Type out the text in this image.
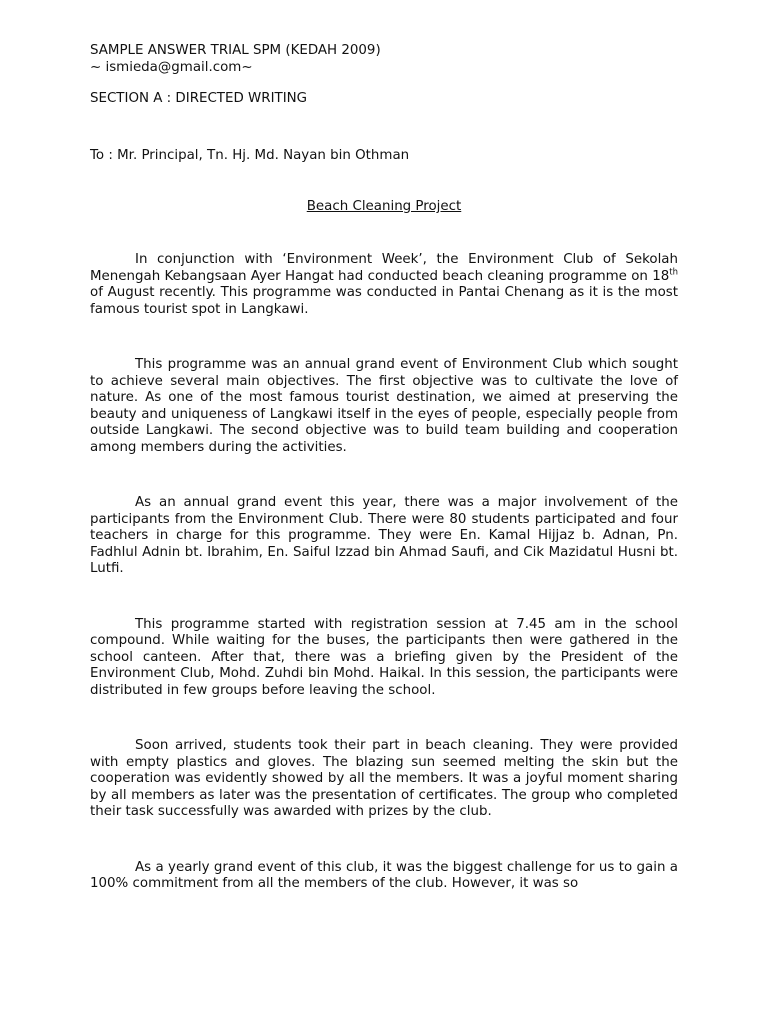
SAMPLE ANSWER TRIAL SPM (KEDAH 2009)

~ ismieda@gmail.com~

SECTION A : DIRECTED WRITING

To : Mr. Principal, Tn. Hj. Md. Nayan bin Othman

Beach Cleaning Project

In conjunction with ‘Environment Week’, the Environment Club of Sekolah Menengah Kebangsaan Ayer Hangat had conducted beach cleaning programme on 18th of August recently. This programme was conducted in Pantai Chenang as it is the most famous tourist spot in Langkawi.

This programme was an annual grand event of Environment Club which sought to achieve several main objectives. The first objective was to cultivate the love of nature. As one of the most famous tourist destination, we aimed at preserving the beauty and uniqueness of Langkawi itself in the eyes of people, especially people from outside Langkawi. The second objective was to build team building and cooperation among members during the activities.

As an annual grand event this year, there was a major involvement of the participants from the Environment Club. There were 80 students participated and four teachers in charge for this programme. They were En. Kamal Hijjaz b. Adnan, Pn. Fadhlul Adnin bt. Ibrahim, En. Saiful Izzad bin Ahmad Saufi, and Cik Mazidatul Husni bt. Lutfi.

This programme started with registration session at 7.45 am in the school compound. While waiting for the buses, the participants then were gathered in the school canteen. After that, there was a briefing given by the President of the Environment Club, Mohd. Zuhdi bin Mohd. Haikal. In this session, the participants were distributed in few groups before leaving the school.

Soon arrived, students took their part in beach cleaning. They were provided with empty plastics and gloves. The blazing sun seemed melting the skin but the cooperation was evidently showed by all the members. It was a joyful moment sharing by all members as later was the presentation of certificates. The group who completed their task successfully was awarded with prizes by the club.

As a yearly grand event of this club, it was the biggest challenge for us to gain a 100% commitment from all the members of the club. However, it was so
